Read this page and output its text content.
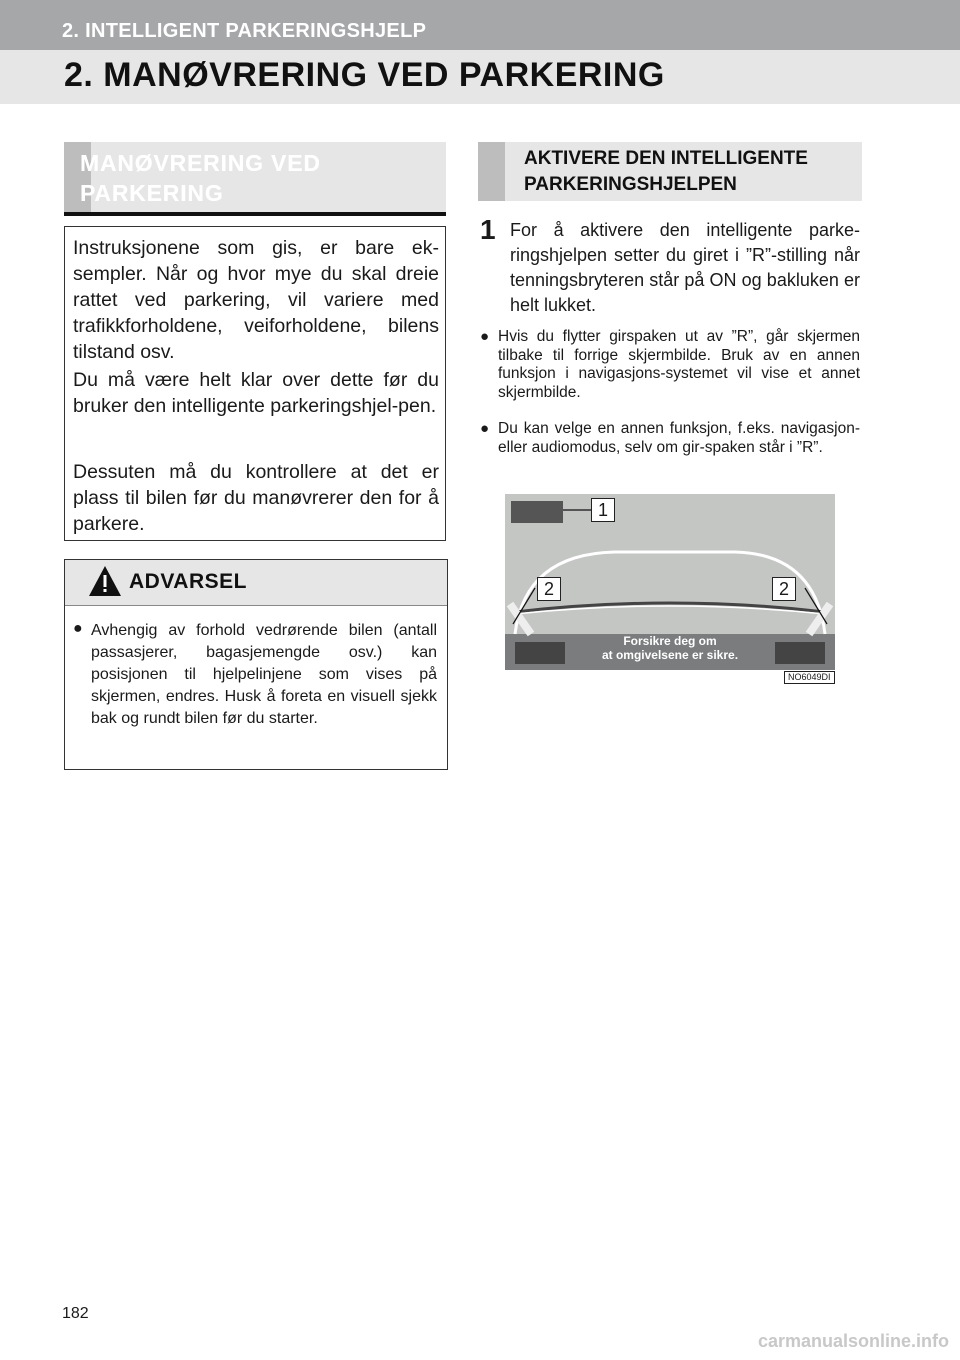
2. INTELLIGENT PARKERINGSHJELP
2. MANØVRERING VED PARKERING
MANØVRERING VED
PARKERING

Instruksjonene som gis, er bare ek-sempler. Når og hvor mye du skal dreie rattet ved parkering, vil variere med trafikkforholdene, veiforholdene, bilens tilstand osv.

Du må være helt klar over dette før du bruker den intelligente parkeringshjel-pen.

Dessuten må du kontrollere at det er plass til bilen før du manøvrerer den for å parkere.

ADVARSEL
● Avhengig av forhold vedrørende bilen (antall passasjerer, bagasjemengde osv.) kan posisjonen til hjelpelinjene som vises på skjermen, endres. Husk å foreta en visuell sjekk bak og rundt bilen før du starter.
AKTIVERE DEN INTELLIGENTE
PARKERINGSHJELPEN
1 For å aktivere den intelligente parke-ringshjelpen setter du giret i ”R”-stilling når tenningsbryteren står på ON og bakluken er helt lukket.
● Hvis du flytter girspaken ut av ”R”, går skjermen tilbake til forrige skjermbilde. Bruk av en annen funksjon i navigasjons-systemet vil vise et annet skjermbilde.
● Du kan velge en annen funksjon, f.eks. navigasjon- eller audiomodus, selv om gir-spaken står i ”R”.
Forsikre deg om
at omgivelsene er sikre.
1
2	2
NO6049DI
182
carmanualsonline.info
